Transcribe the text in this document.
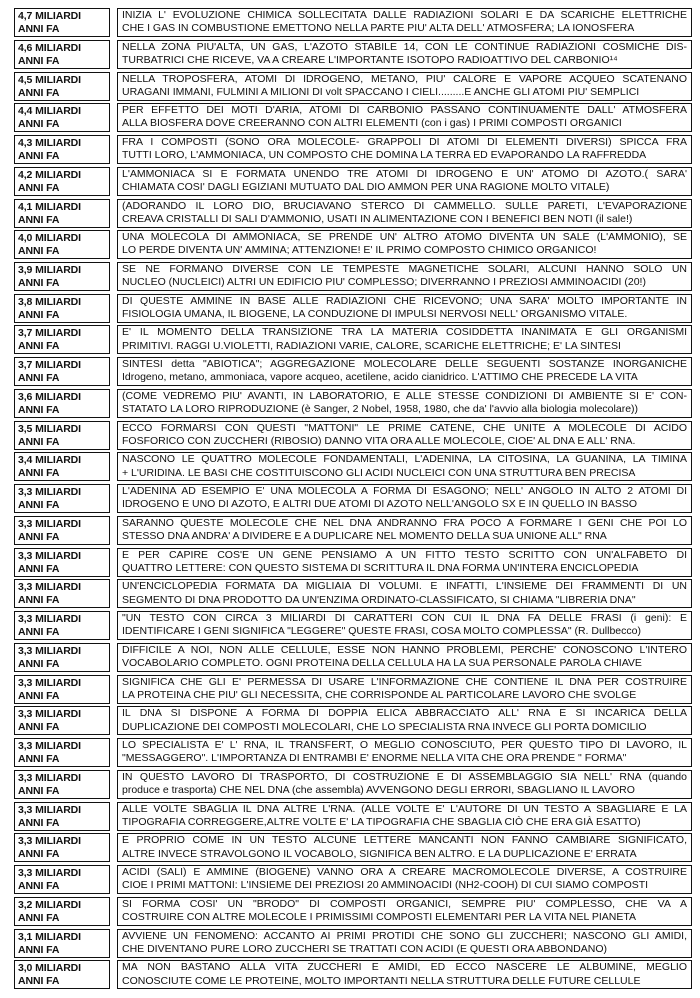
4,7 MILIARDI
ANNI FA
INIZIA L' EVOLUZIONE CHIMICA SOLLECITATA DALLE RADIAZIONI SOLARI E DA SCARICHE ELETTRICHE
CHE I GAS IN COMBUSTIONE EMETTONO NELLA PARTE PIU' ALTA DELL' ATMOSFERA; LA IONOSFERA
4,6 MILIARDI
ANNI FA
NELLA ZONA PIU'ALTA, UN GAS, L'AZOTO STABILE 14, CON LE CONTINUE RADIAZIONI COSMICHE DIS-
TURBATRICI CHE RICEVE, VA A CREARE L'IMPORTANTE ISOTOPO RADIOATTIVO DEL CARBONIO¹⁴
4,5 MILIARDI
ANNI FA
NELLA TROPOSFERA, ATOMI DI IDROGENO, METANO, PIU' CALORE E VAPORE ACQUEO SCATENANO
URAGANI IMMANI, FULMINI A MILIONI DI volt SPACCANO I CIELI.........E ANCHE GLI ATOMI PIU' SEMPLICI
4,4 MILIARDI
ANNI FA
PER EFFETTO DEI MOTI D'ARIA, ATOMI DI CARBONIO PASSANO CONTINUAMENTE DALL' ATMOSFERA
ALLA BIOSFERA DOVE CREERANNO CON ALTRI ELEMENTI (con i gas) I PRIMI COMPOSTI ORGANICI
4,3 MILIARDI
ANNI FA
FRA I COMPOSTI (SONO ORA MOLECOLE- GRAPPOLI DI ATOMI DI ELEMENTI DIVERSI) SPICCA FRA
TUTTI LORO, L'AMMONIACA, UN COMPOSTO CHE DOMINA LA TERRA ED EVAPORANDO LA RAFFREDDA
4,2 MILIARDI
ANNI FA
L'AMMONIACA SI E FORMATA UNENDO TRE ATOMI DI IDROGENO E UN' ATOMO DI AZOTO.( SARA'
CHIAMATA COSI' DAGLI EGIZIANI MUTUATO DAL DIO AMMON PER UNA RAGIONE MOLTO VITALE)
4,1 MILIARDI
ANNI FA
(ADORANDO IL LORO DIO, BRUCIAVANO STERCO DI CAMMELLO. SULLE PARETI, L'EVAPORAZIONE
CREAVA CRISTALLI DI SALI D'AMMONIO, USATI IN ALIMENTAZIONE CON I BENEFICI BEN NOTI (il sale!)
4,0 MILIARDI
ANNI FA
UNA MOLECOLA DI AMMONIACA, SE PRENDE UN' ALTRO ATOMO DIVENTA UN SALE (L'AMMONIO), SE
LO PERDE DIVENTA UN' AMMINA; ATTENZIONE! E' IL PRIMO COMPOSTO CHIMICO ORGANICO!
3,9 MILIARDI
ANNI FA
SE NE FORMANO DIVERSE CON LE TEMPESTE MAGNETICHE SOLARI, ALCUNI HANNO SOLO UN
NUCLEO (NUCLEICI) ALTRI UN EDIFICIO PIU' COMPLESSO; DIVERRANNO I PREZIOSI AMMINOACIDI (20!)
3,8 MILIARDI
ANNI FA
DI QUESTE AMMINE IN BASE ALLE RADIAZIONI CHE RICEVONO; UNA SARA' MOLTO IMPORTANTE IN
FISIOLOGIA UMANA, IL BIOGENE, LA CONDUZIONE DI IMPULSI NERVOSI NELL' ORGANISMO VITALE.
3,7 MILIARDI
ANNI FA
E' IL MOMENTO DELLA TRANSIZIONE TRA LA MATERIA COSIDDETTA INANIMATA E GLI ORGANISMI
PRIMITIVI. RAGGI U.VIOLETTI, RADIAZIONI VARIE, CALORE, SCARICHE ELETTRICHE; E' LA SINTESI
3,7 MILIARDI
ANNI FA
SINTESI detta "ABIOTICA"; AGGREGAZIONE MOLECOLARE DELLE SEGUENTI SOSTANZE INORGANICHE
Idrogeno, metano, ammoniaca, vapore acqueo, acetilene, acido cianidrico. L'ATTIMO CHE PRECEDE LA VITA
3,6 MILIARDI
ANNI FA
(COME VEDREMO PIU' AVANTI, IN LABORATORIO, E ALLE STESSE CONDIZIONI DI AMBIENTE SI E' CON-
STATATO LA LORO RIPRODUZIONE (è Sanger, 2 Nobel, 1958, 1980, che da' l'avvio alla biologia molecolare))
3,5 MILIARDI
ANNI FA
ECCO FORMARSI CON QUESTI "MATTONI" LE PRIME CATENE, CHE UNITE A MOLECOLE DI ACIDO
FOSFORICO CON ZUCCHERI (RIBOSIO) DANNO VITA ORA ALLE MOLECOLE, CIOE' AL DNA E ALL' RNA.
3,4 MILIARDI
ANNI FA
NASCONO LE QUATTRO MOLECOLE FONDAMENTALI, L'ADENINA, LA CITOSINA, LA GUANINA, LA TIMINA
+ L'URIDINA. LE BASI CHE COSTITUISCONO GLI ACIDI NUCLEICI CON UNA STRUTTURA BEN PRECISA
3,3 MILIARDI
ANNI FA
L'ADENINA AD ESEMPIO E' UNA MOLECOLA A FORMA DI ESAGONO; NELL' ANGOLO IN ALTO 2 ATOMI DI
IDROGENO E UNO DI AZOTO, E ALTRI DUE ATOMI DI AZOTO NELL'ANGOLO SX E IN QUELLO IN BASSO
3,3 MILIARDI
ANNI FA
SARANNO QUESTE MOLECOLE CHE NEL DNA ANDRANNO FRA POCO A FORMARE I GENI CHE POI LO
STESSO DNA ANDRA' A DIVIDERE E A DUPLICARE NEL MOMENTO DELLA SUA UNIONE ALL" RNA
3,3 MILIARDI
ANNI FA
E PER CAPIRE COS'E UN GENE PENSIAMO A UN FITTO TESTO SCRITTO CON UN'ALFABETO DI
QUATTRO LETTERE: CON QUESTO SISTEMA DI SCRITTURA IL DNA FORMA UN'INTERA ENCICLOPEDIA
3,3 MILIARDI
ANNI FA
UN'ENCICLOPEDIA FORMATA DA MIGLIAIA DI VOLUMI. E INFATTI, L'INSIEME DEI FRAMMENTI DI UN
SEGMENTO DI DNA PRODOTTO DA UN'ENZIMA ORDINATO-CLASSIFICATO, SI CHIAMA "LIBRERIA DNA"
3,3 MILIARDI
ANNI FA
"UN TESTO CON CIRCA 3 MILIARDI DI CARATTERI CON CUI IL DNA FA DELLE FRASI (i geni): E
IDENTIFICARE I GENI SIGNIFICA "LEGGERE" QUESTE FRASI, COSA MOLTO COMPLESSA" (R. Dullbecco)
3,3 MILIARDI
ANNI FA
DIFFICILE A NOI, NON ALLE CELLULE, ESSE NON HANNO PROBLEMI, PERCHE' CONOSCONO L'INTERO
VOCABOLARIO COMPLETO. OGNI PROTEINA DELLA CELLULA HA LA SUA PERSONALE PAROLA CHIAVE
3,3 MILIARDI
ANNI FA
SIGNIFICA CHE GLI E' PERMESSA DI USARE L'INFORMAZIONE CHE CONTIENE IL DNA PER COSTRUIRE
LA PROTEINA CHE PIU' GLI NECESSITA, CHE CORRISPONDE AL PARTICOLARE LAVORO CHE SVOLGE
3,3 MILIARDI
ANNI FA
IL DNA SI DISPONE A FORMA DI DOPPIA ELICA ABBRACCIATO ALL' RNA E SI INCARICA DELLA
DUPLICAZIONE DEI COMPOSTI MOLECOLARI, CHE LO SPECIALISTA RNA INVECE GLI PORTA DOMICILIO
3,3 MILIARDI
ANNI FA
LO SPECIALISTA E' L' RNA, IL TRANSFERT, O MEGLIO CONOSCIUTO, PER QUESTO TIPO DI LAVORO, IL
"MESSAGGERO". L'IMPORTANZA DI ENTRAMBI E' ENORME NELLA VITA CHE ORA PRENDE " FORMA"
3,3 MILIARDI
ANNI FA
IN QUESTO LAVORO DI TRASPORTO, DI COSTRUZIONE E DI ASSEMBLAGGIO SIA NELL' RNA (quando
produce e trasporta) CHE NEL DNA (che assembla) AVVENGONO DEGLI ERRORI, SBAGLIANO IL LAVORO
3,3 MILIARDI
ANNI FA
ALLE VOLTE SBAGLIA IL DNA ALTRE L'RNA. (ALLE VOLTE E' L'AUTORE DI UN TESTO A SBAGLIARE E LA
TIPOGRAFIA CORREGGERE,ALTRE VOLTE E' LA TIPOGRAFIA CHE SBAGLIA CIÒ CHE ERA GIÀ ESATTO)
3,3 MILIARDI
ANNI FA
E PROPRIO COME IN UN TESTO ALCUNE LETTERE MANCANTI NON FANNO CAMBIARE SIGNIFICATO,
ALTRE INVECE STRAVOLGONO IL VOCABOLO, SIGNIFICA BEN ALTRO. E LA DUPLICAZIONE E' ERRATA
3,3 MILIARDI
ANNI FA
ACIDI (SALI) E AMMINE (BIOGENE) VANNO ORA A CREARE MACROMOLECOLE DIVERSE, A COSTRUIRE
CIOE I PRIMI MATTONI: L'INSIEME DEI PREZIOSI 20 AMMINOACIDI (NH2-COOH) DI CUI SIAMO COMPOSTI
3,2 MILIARDI
ANNI FA
SI FORMA COSI' UN "BRODO" DI COMPOSTI ORGANICI, SEMPRE PIU' COMPLESSO, CHE VA A
COSTRUIRE CON ALTRE MOLECOLE I PRIMISSIMI COMPOSTI ELEMENTARI PER LA VITA NEL PIANETA
3,1 MILIARDI
ANNI FA
AVVIENE UN FENOMENO: ACCANTO AI PRIMI PROTIDI CHE SONO GLI ZUCCHERI; NASCONO GLI AMIDI,
CHE DIVENTANO PURE LORO ZUCCHERI SE TRATTATI CON ACIDI (E QUESTI ORA ABBONDANO)
3,0 MILIARDI
ANNI FA
MA NON BASTANO ALLA VITA ZUCCHERI E AMIDI, ED ECCO NASCERE LE ALBUMINE, MEGLIO
CONOSCIUTE COME LE PROTEINE, MOLTO IMPORTANTI NELLA STRUTTURA DELLE FUTURE CELLULE
